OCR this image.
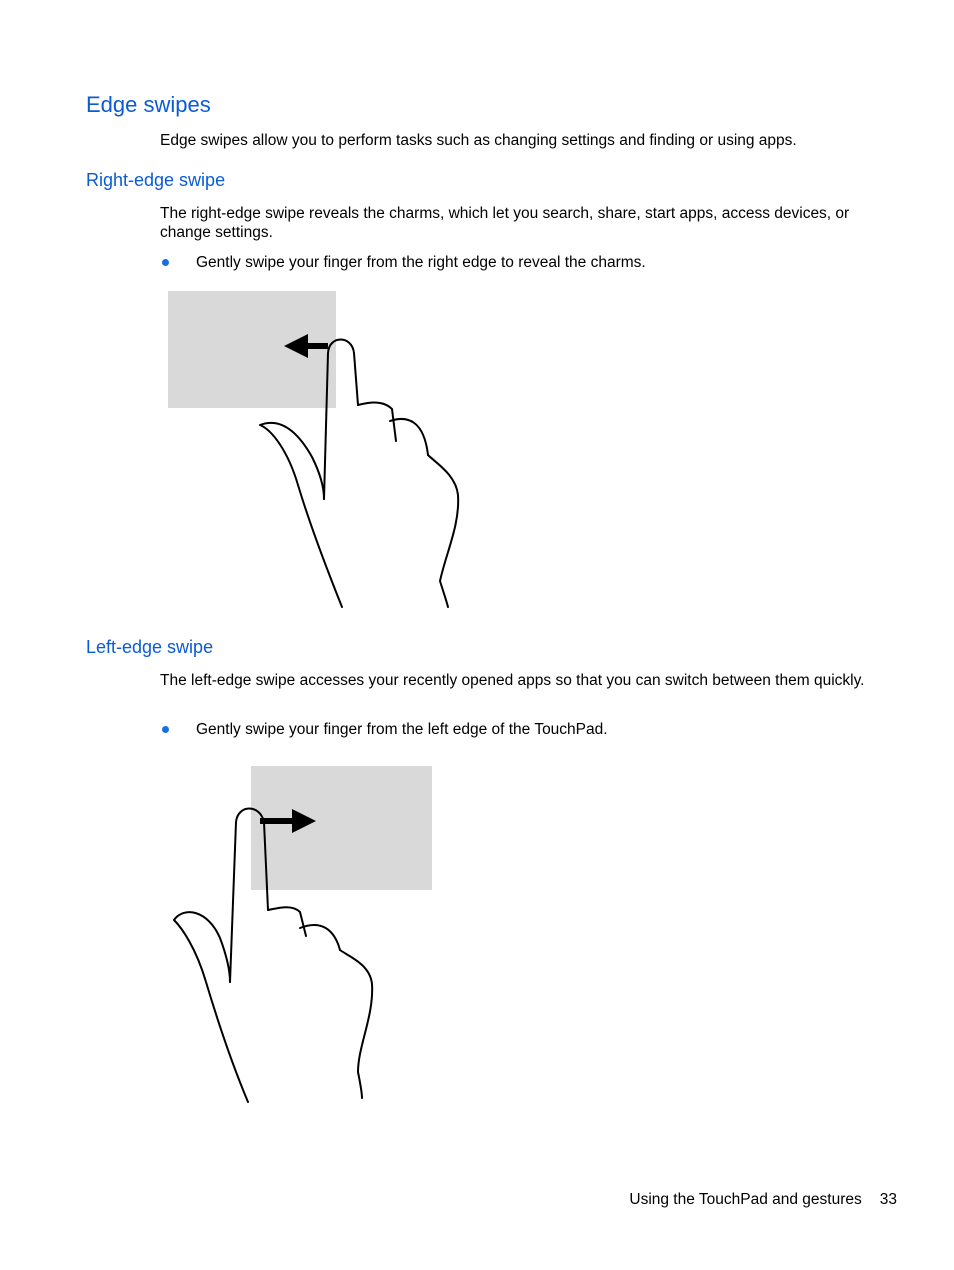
Edge swipes

Edge swipes allow you to perform tasks such as changing settings and finding or using apps.

Right-edge swipe

The right-edge swipe reveals the charms, which let you search, share, start apps, access devices, or change settings.

Gently swipe your finger from the right edge to reveal the charms.
Left-edge swipe

The left-edge swipe accesses your recently opened apps so that you can switch between them quickly.

Gently swipe your finger from the left edge of the TouchPad.
Using the TouchPad and gestures 33
